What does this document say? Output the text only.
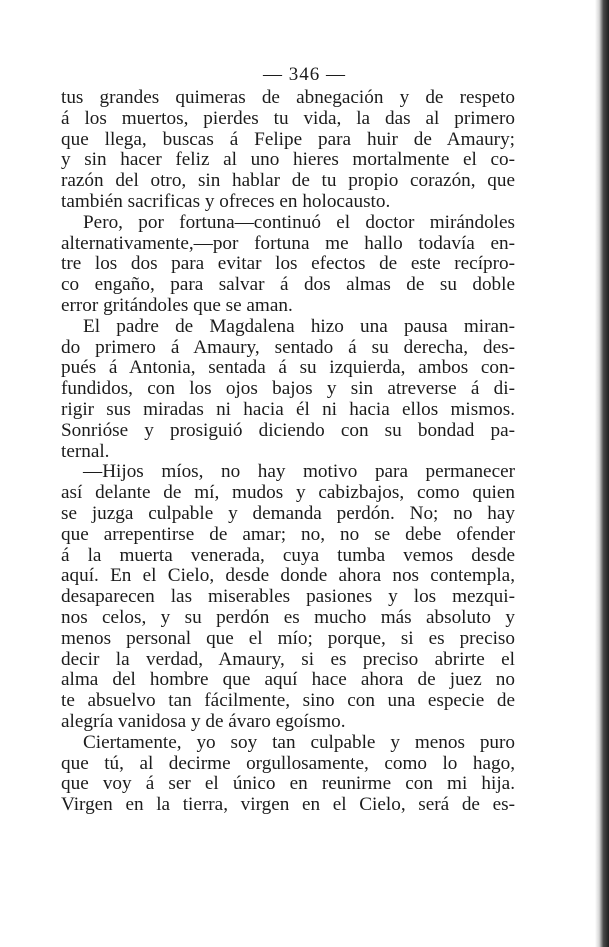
— 346 —
tus grandes quimeras de abnegación y de respeto
á los muertos, pierdes tu vida, la das al primero
que llega, buscas á Felipe para huir de Amaury;
y sin hacer feliz al uno hieres mortalmente el co-
razón del otro, sin hablar de tu propio corazón, que
también sacrificas y ofreces en holocausto.
Pero, por fortuna—continuó el doctor mirándoles
alternativamente,—por fortuna me hallo todavía en-
tre los dos para evitar los efectos de este recípro-
co engaño, para salvar á dos almas de su doble
error gritándoles que se aman.
El padre de Magdalena hizo una pausa miran-
do primero á Amaury, sentado á su derecha, des-
pués á Antonia, sentada á su izquierda, ambos con-
fundidos, con los ojos bajos y sin atreverse á di-
rigir sus miradas ni hacia él ni hacia ellos mismos.
Sonrióse y prosiguió diciendo con su bondad pa-
ternal.
—Hijos míos, no hay motivo para permanecer
así delante de mí, mudos y cabizbajos, como quien
se juzga culpable y demanda perdón. No; no hay
que arrepentirse de amar; no, no se debe ofender
á la muerta venerada, cuya tumba vemos desde
aquí. En el Cielo, desde donde ahora nos contempla,
desaparecen las miserables pasiones y los mezqui-
nos celos, y su perdón es mucho más absoluto y
menos personal que el mío; porque, si es preciso
decir la verdad, Amaury, si es preciso abrirte el
alma del hombre que aquí hace ahora de juez no
te absuelvo tan fácilmente, sino con una especie de
alegría vanidosa y de ávaro egoísmo.
Ciertamente, yo soy tan culpable y menos puro
que tú, al decirme orgullosamente, como lo hago,
que voy á ser el único en reunirme con mi hija.
Virgen en la tierra, virgen en el Cielo, será de es-
